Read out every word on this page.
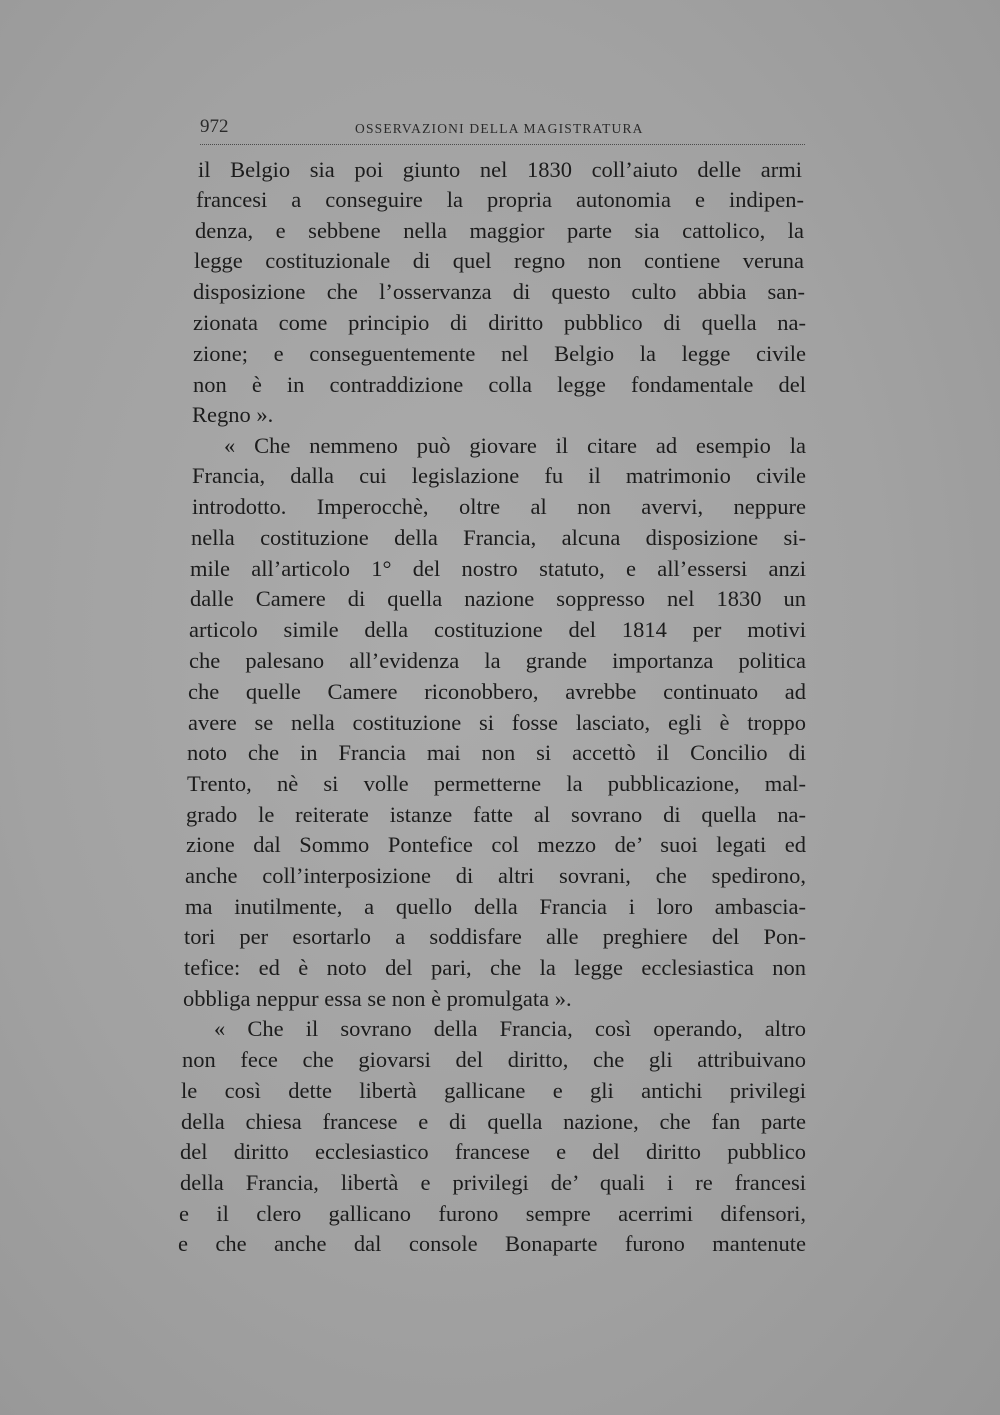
972	OSSERVAZIONI DELLA MAGISTRATURA
il Belgio sia poi giunto nel 1830 coll’aiuto delle armi
francesi a conseguire la propria autonomia e indipen-
denza, e sebbene nella maggior parte sia cattolico, la
legge costituzionale di quel regno non contiene veruna
disposizione che l’osservanza di questo culto abbia san-
zionata come principio di diritto pubblico di quella na-
zione; e conseguentemente nel Belgio la legge civile
non è in contraddizione colla legge fondamentale del
Regno ».
« Che nemmeno può giovare il citare ad esempio la
Francia, dalla cui legislazione fu il matrimonio civile
introdotto. Imperocchè, oltre al non avervi, neppure
nella costituzione della Francia, alcuna disposizione si-
mile all’articolo 1° del nostro statuto, e all’essersi anzi
dalle Camere di quella nazione soppresso nel 1830 un
articolo simile della costituzione del 1814 per motivi
che palesano all’evidenza la grande importanza politica
che quelle Camere riconobbero, avrebbe continuato ad
avere se nella costituzione si fosse lasciato, egli è troppo
noto che in Francia mai non si accettò il Concilio di
Trento, nè si volle permetterne la pubblicazione, mal-
grado le reiterate istanze fatte al sovrano di quella na-
zione dal Sommo Pontefice col mezzo de’ suoi legati ed
anche coll’interposizione di altri sovrani, che spedirono,
ma inutilmente, a quello della Francia i loro ambascia-
tori per esortarlo a soddisfare alle preghiere del Pon-
tefice: ed è noto del pari, che la legge ecclesiastica non
obbliga neppur essa se non è promulgata ».
« Che il sovrano della Francia, così operando, altro
non fece che giovarsi del diritto, che gli attribuivano
le così dette libertà gallicane e gli antichi privilegi
della chiesa francese e di quella nazione, che fan parte
del diritto ecclesiastico francese e del diritto pubblico
della Francia, libertà e privilegi de’ quali i re francesi
e il clero gallicano furono sempre acerrimi difensori,
e che anche dal console Bonaparte furono mantenute
